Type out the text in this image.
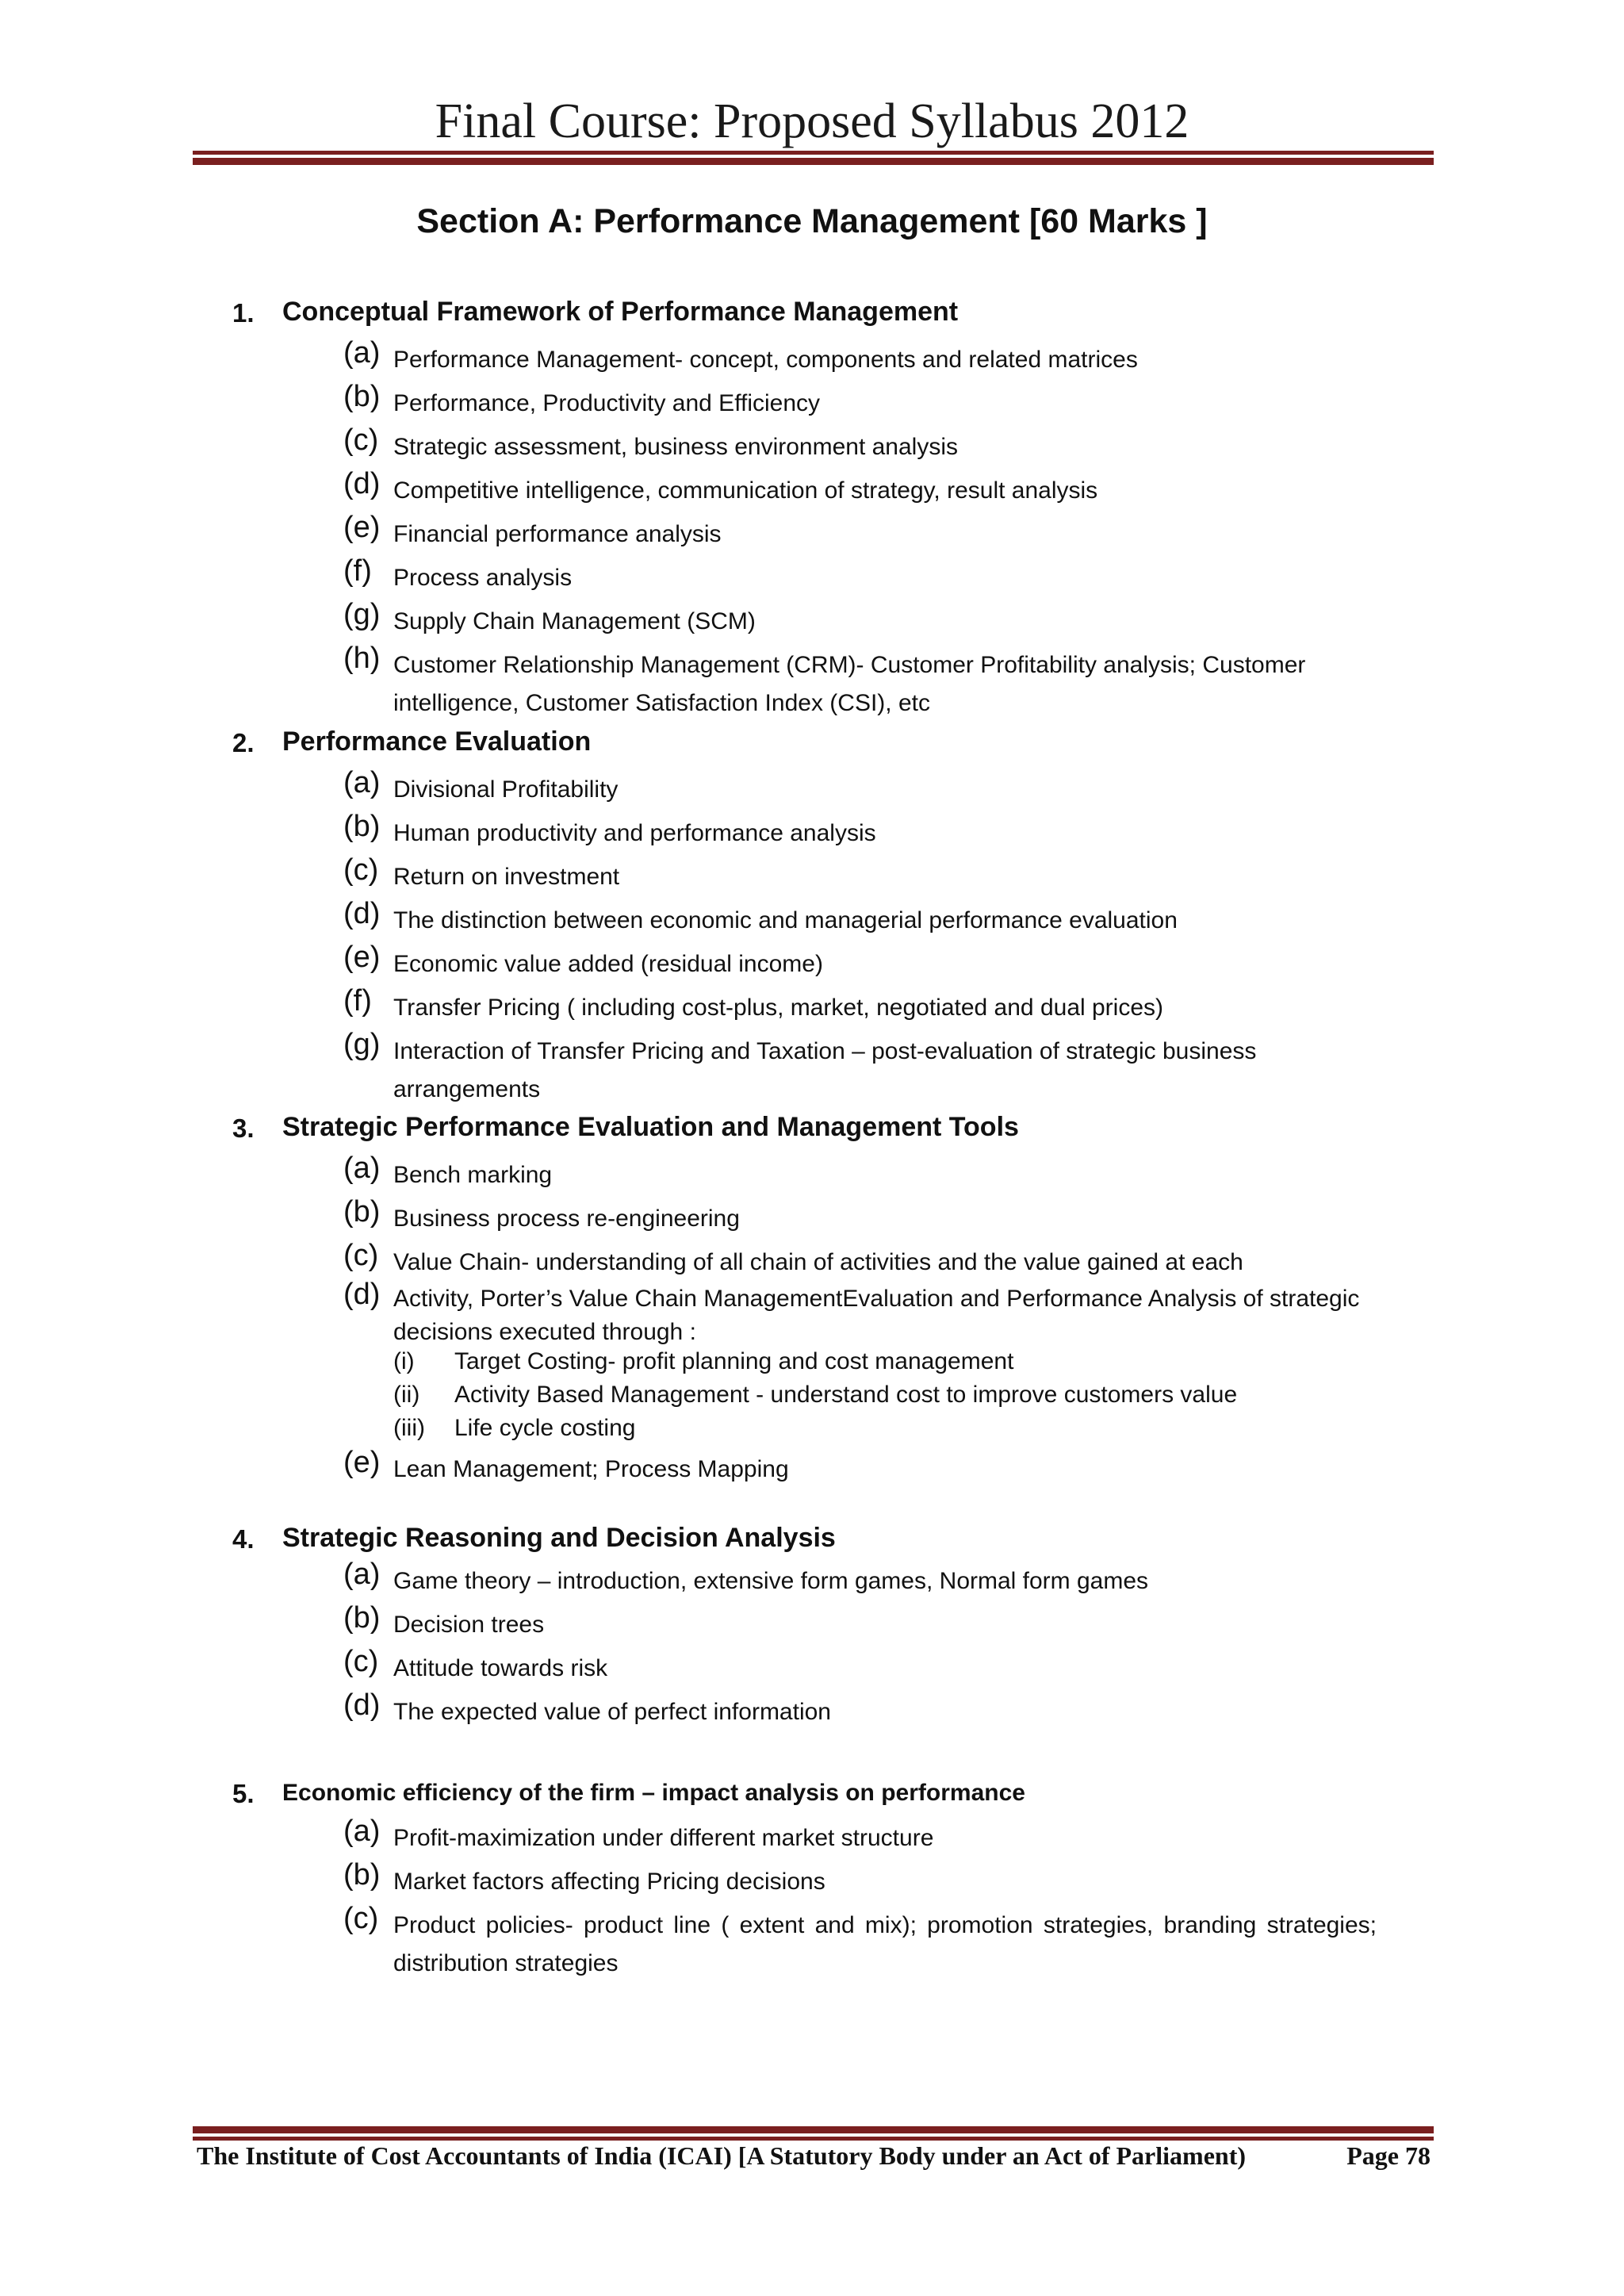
Final Course: Proposed Syllabus 2012
Section A: Performance Management [60 Marks ]
1. Conceptual Framework of Performance Management
(a) Performance Management- concept, components and related matrices
(b) Performance, Productivity and Efficiency
(c) Strategic assessment, business environment analysis
(d) Competitive intelligence, communication of strategy, result analysis
(e) Financial performance analysis
(f) Process analysis
(g) Supply Chain Management (SCM)
(h) Customer Relationship Management (CRM)- Customer Profitability analysis; Customer intelligence, Customer Satisfaction Index (CSI), etc
2. Performance Evaluation
(a) Divisional Profitability
(b) Human productivity and performance analysis
(c) Return on investment
(d) The distinction between economic and managerial performance evaluation
(e) Economic value added (residual income)
(f) Transfer Pricing ( including cost-plus, market, negotiated and dual prices)
(g) Interaction of Transfer Pricing and Taxation – post-evaluation of strategic business arrangements
3. Strategic Performance Evaluation and Management Tools
(a) Bench marking
(b) Business process re-engineering
(c) Value Chain- understanding of all chain of activities and the value gained at each
(d) Activity, Porter’s Value Chain ManagementEvaluation and Performance Analysis of strategic decisions executed through :
(i) Target Costing- profit planning and cost management
(ii) Activity Based Management - understand cost to improve customers value
(iii) Life cycle costing
(e) Lean Management; Process Mapping
4. Strategic Reasoning and Decision Analysis
(a) Game theory – introduction, extensive form games, Normal form games
(b) Decision trees
(c) Attitude towards risk
(d) The expected value of perfect information
5. Economic efficiency of the firm – impact analysis on performance
(a) Profit-maximization under different market structure
(b) Market factors affecting Pricing decisions
(c) Product policies- product line ( extent and mix); promotion strategies, branding strategies; distribution strategies
The Institute of Cost Accountants of India (ICAI) [A Statutory Body under an Act of Parliament)	Page 78
